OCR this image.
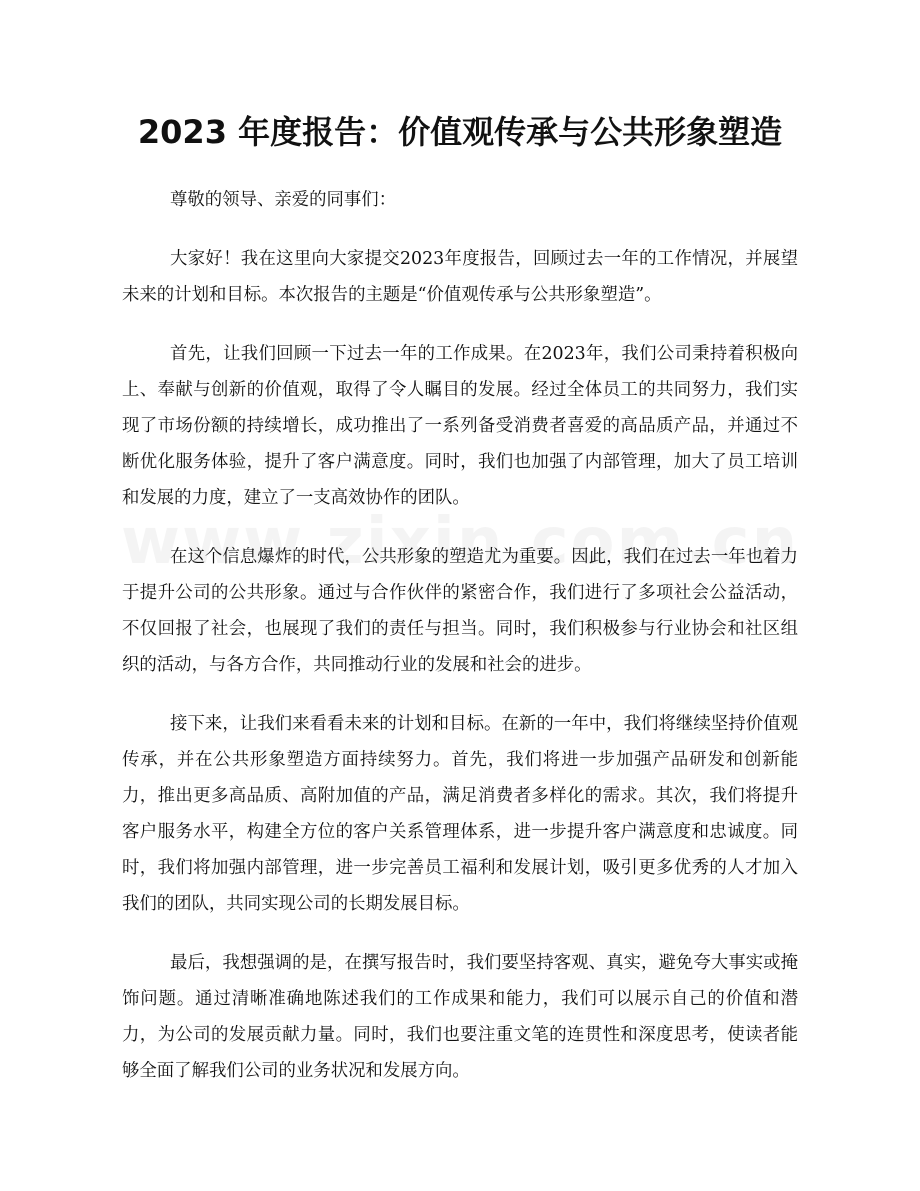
2023 年度报告：价值观传承与公共形象塑造

尊敬的领导、亲爱的同事们：

大家好！我在这里向大家提交2023年度报告，回顾过去一年的工作情况，并展望未来的计划和目标。本次报告的主题是“价值观传承与公共形象塑造”。

首先，让我们回顾一下过去一年的工作成果。在2023年，我们公司秉持着积极向上、奉献与创新的价值观，取得了令人瞩目的发展。经过全体员工的共同努力，我们实现了市场份额的持续增长，成功推出了一系列备受消费者喜爱的高品质产品，并通过不断优化服务体验，提升了客户满意度。同时，我们也加强了内部管理，加大了员工培训和发展的力度，建立了一支高效协作的团队。

在这个信息爆炸的时代，公共形象的塑造尤为重要。因此，我们在过去一年也着力于提升公司的公共形象。通过与合作伙伴的紧密合作，我们进行了多项社会公益活动，不仅回报了社会，也展现了我们的责任与担当。同时，我们积极参与行业协会和社区组织的活动，与各方合作，共同推动行业的发展和社会的进步。

接下来，让我们来看看未来的计划和目标。在新的一年中，我们将继续坚持价值观传承，并在公共形象塑造方面持续努力。首先，我们将进一步加强产品研发和创新能力，推出更多高品质、高附加值的产品，满足消费者多样化的需求。其次，我们将提升客户服务水平，构建全方位的客户关系管理体系，进一步提升客户满意度和忠诚度。同时，我们将加强内部管理，进一步完善员工福利和发展计划，吸引更多优秀的人才加入我们的团队，共同实现公司的长期发展目标。

最后，我想强调的是，在撰写报告时，我们要坚持客观、真实，避免夸大事实或掩饰问题。通过清晰准确地陈述我们的工作成果和能力，我们可以展示自己的价值和潜力，为公司的发展贡献力量。同时，我们也要注重文笔的连贯性和深度思考，使读者能够全面了解我们公司的业务状况和发展方向。
